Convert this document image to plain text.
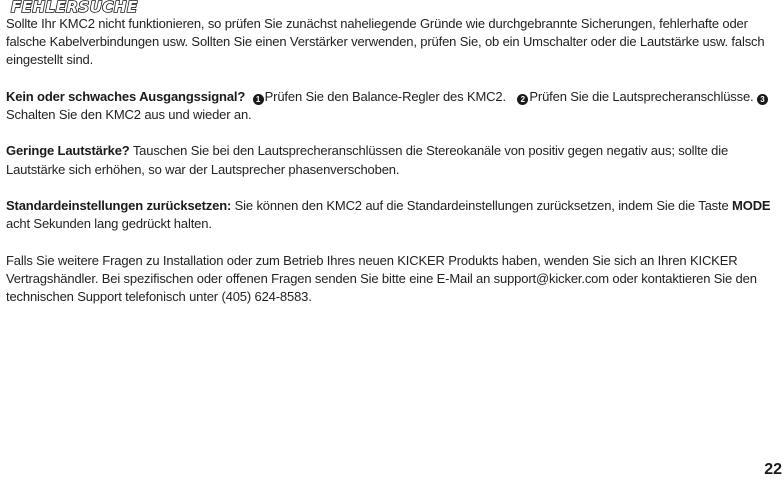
FEHLERSUCHE

Sollte Ihr KMC2 nicht funktionieren, so prüfen Sie zunächst naheliegende Gründe wie durchgebrannte Sicherungen, fehlerhafte oder falsche Kabelverbindungen usw. Sollten Sie einen Verstärker verwenden, prüfen Sie, ob ein Umschalter oder die Lautstärke usw. falsch eingestellt sind.

Kein oder schwaches Ausgangssignal? 1 Prüfen Sie den Balance-Regler des KMC2. 2 Prüfen Sie die Lautsprecheranschlüsse. 3Schalten Sie den KMC2 aus und wieder an.

Geringe Lautstärke? Tauschen Sie bei den Lautsprecheranschlüssen die Stereokanäle von positiv gegen negativ aus; sollte die Lautstärke sich erhöhen, so war der Lautsprecher phasenverschoben.

Standardeinstellungen zurücksetzen: Sie können den KMC2 auf die Standardeinstellungen zurücksetzen, indem Sie die Taste MODE acht Sekunden lang gedrückt halten.

Falls Sie weitere Fragen zu Installation oder zum Betrieb Ihres neuen KICKER Produkts haben, wenden Sie sich an Ihren KICKER Vertragshändler. Bei spezifischen oder offenen Fragen senden Sie bitte eine E-Mail an support@kicker.com oder kontaktieren Sie den technischen Support telefonisch unter (405) 624-8583.

22
